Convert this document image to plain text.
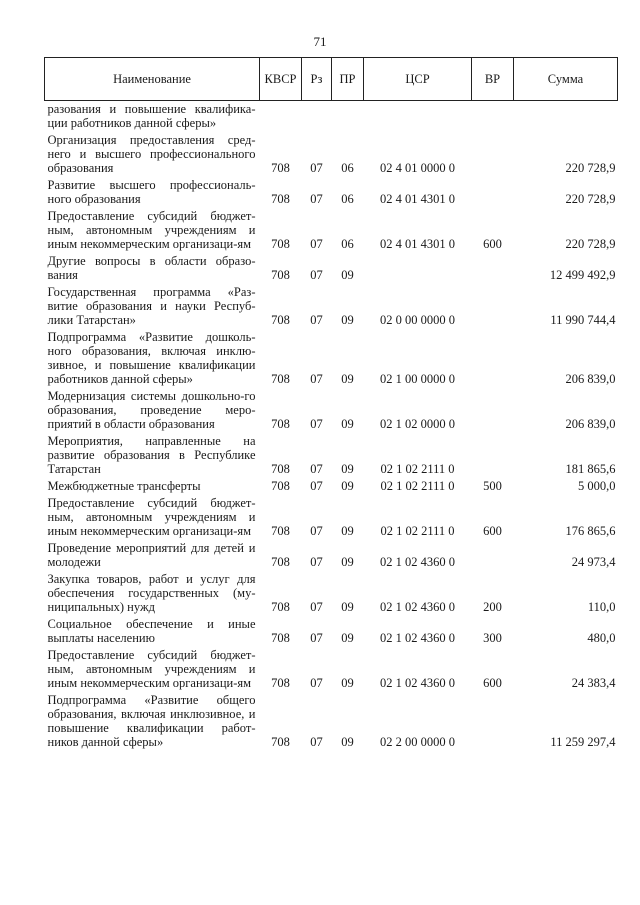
71
Наименование	КВСР	Рз	ПР	ЦСР	ВР	Сумма
разования и повышение квалифика-ции работников данной сферы»						
Организация предоставления сред-него и высшего профессионального образования	708	07	06	02 4 01 0000 0		220 728,9
Развитие высшего профессиональ-ного образования	708	07	06	02 4 01 4301 0		220 728,9
Предоставление субсидий бюджет-ным, автономным учреждениям и иным некоммерческим организаци-ям	708	07	06	02 4 01 4301 0	600	220 728,9
Другие вопросы в области образо-вания	708	07	09			12 499 492,9
Государственная программа «Раз-витие образования и науки Респуб-лики Татарстан»	708	07	09	02 0 00 0000 0		11 990 744,4
Подпрограмма «Развитие дошколь-ного образования, включая инклю-зивное, и повышение квалификации работников данной сферы»	708	07	09	02 1 00 0000 0		206 839,0
Модернизация системы дошкольно-го образования, проведение меро-приятий в области образования	708	07	09	02 1 02 0000 0		206 839,0
Мероприятия, направленные на развитие образования в Республике Татарстан	708	07	09	02 1 02 2111 0		181 865,6
Межбюджетные трансферты	708	07	09	02 1 02 2111 0	500	5 000,0
Предоставление субсидий бюджет-ным, автономным учреждениям и иным некоммерческим организаци-ям	708	07	09	02 1 02 2111 0	600	176 865,6
Проведение мероприятий для детей и молодежи	708	07	09	02 1 02 4360 0		24 973,4
Закупка товаров, работ и услуг для обеспечения государственных (му-ниципальных) нужд	708	07	09	02 1 02 4360 0	200	110,0
Социальное обеспечение и иные выплаты населению	708	07	09	02 1 02 4360 0	300	480,0
Предоставление субсидий бюджет-ным, автономным учреждениям и иным некоммерческим организаци-ям	708	07	09	02 1 02 4360 0	600	24 383,4
Подпрограмма «Развитие общего образования, включая инклюзивное, и повышение квалификации работ-ников данной сферы»	708	07	09	02 2 00 0000 0		11 259 297,4
